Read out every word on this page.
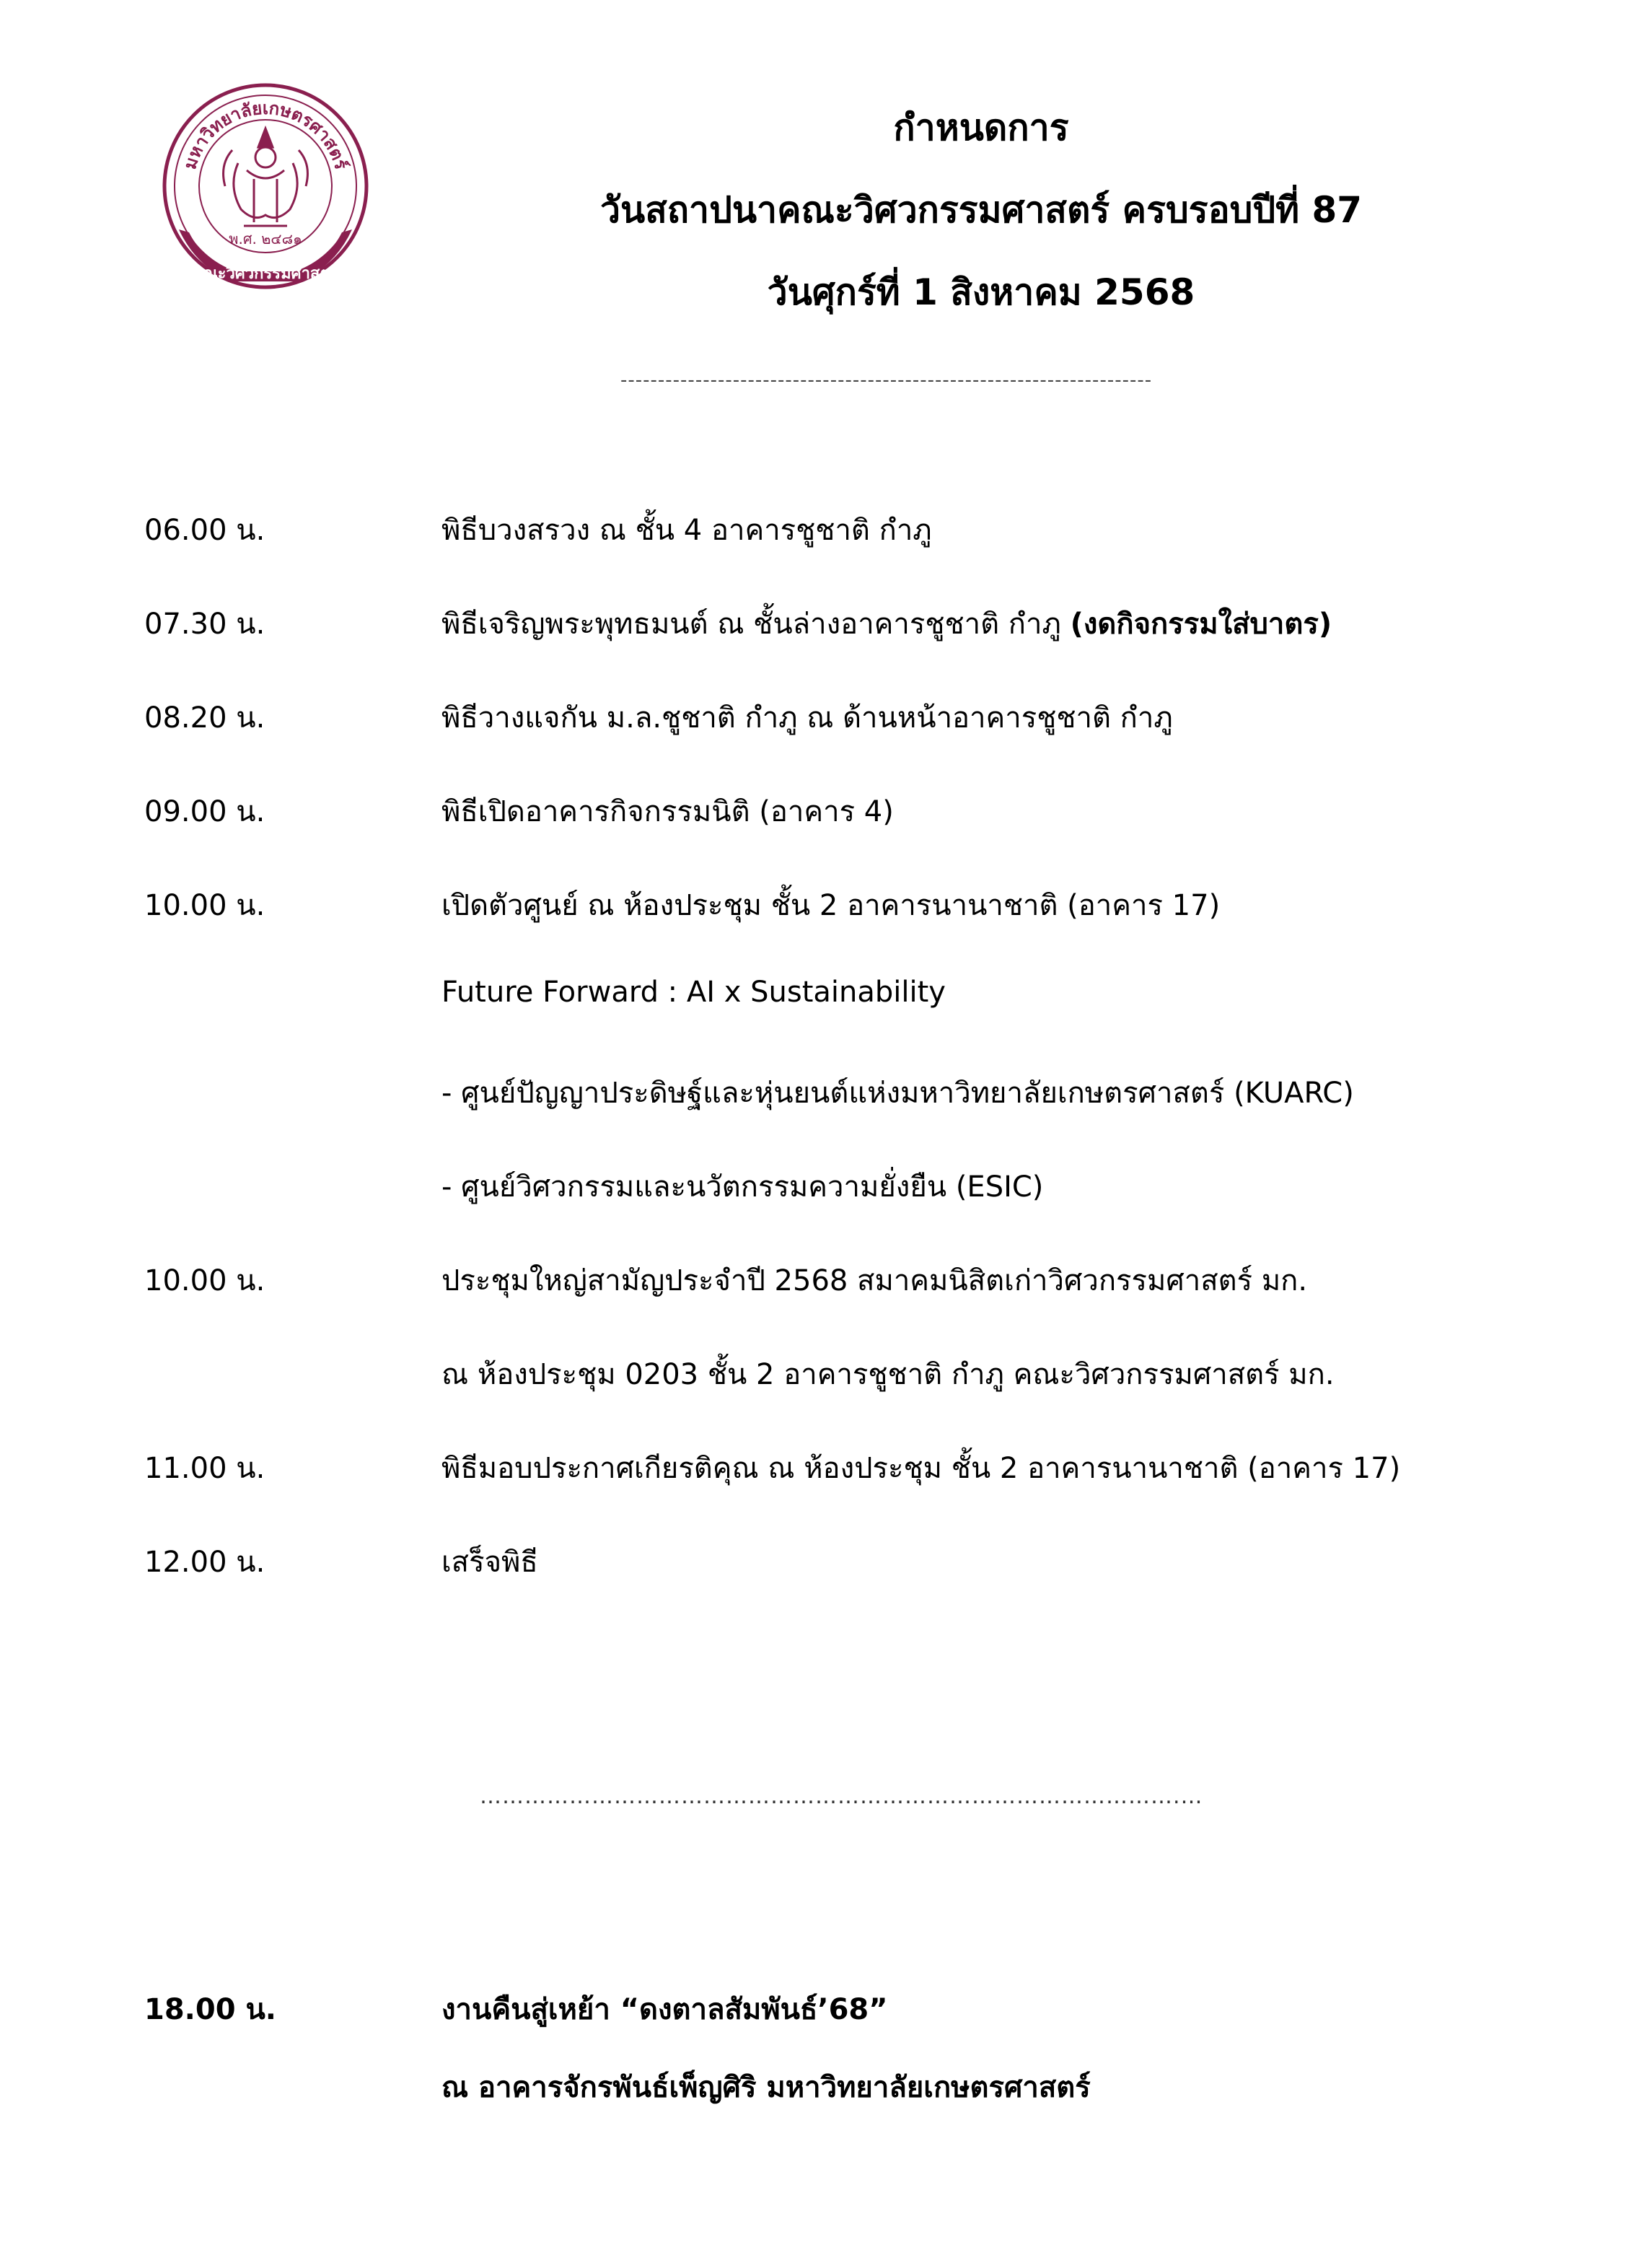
มหาวิทยาลัยเกษตรศาสตร์
พ.ศ. ๒๔๘๑
คณะวิศวกรรมศาสตร์
กำหนดการ
วันสถาปนาคณะวิศวกรรมศาสตร์ ครบรอบปีที่ 87
วันศุกร์ที่ 1 สิงหาคม 2568
-----------------------------------------------------------------------
06.00 น.	พิธีบวงสรวง ณ ชั้น 4 อาคารชูชาติ กำภู
07.30 น.	พิธีเจริญพระพุทธมนต์ ณ ชั้นล่างอาคารชูชาติ กำภู (งดกิจกรรมใส่บาตร)
08.20 น.	พิธีวางแจกัน ม.ล.ชูชาติ กำภู ณ ด้านหน้าอาคารชูชาติ กำภู
09.00 น.	พิธีเปิดอาคารกิจกรรมนิติ (อาคาร 4)
10.00 น.	เปิดตัวศูนย์ ณ ห้องประชุม ชั้น 2 อาคารนานาชาติ (อาคาร 17)
Future Forward : AI x Sustainability
- ศูนย์ปัญญาประดิษฐ์และหุ่นยนต์แห่งมหาวิทยาลัยเกษตรศาสตร์ (KUARC)
- ศูนย์วิศวกรรมและนวัตกรรมความยั่งยืน (ESIC)
10.00 น.	ประชุมใหญ่สามัญประจำปี 2568 สมาคมนิสิตเก่าวิศวกรรมศาสตร์ มก.
ณ ห้องประชุม 0203 ชั้น 2 อาคารชูชาติ กำภู คณะวิศวกรรมศาสตร์ มก.
11.00 น.	พิธีมอบประกาศเกียรติคุณ ณ ห้องประชุม ชั้น 2 อาคารนานาชาติ (อาคาร 17)
12.00 น.	เสร็จพิธี
………………………………………………………………………………….…
18.00 น.	งานคืนสู่เหย้า “ดงตาลสัมพันธ์’68”
ณ อาคารจักรพันธ์เพ็ญศิริ มหาวิทยาลัยเกษตรศาสตร์
